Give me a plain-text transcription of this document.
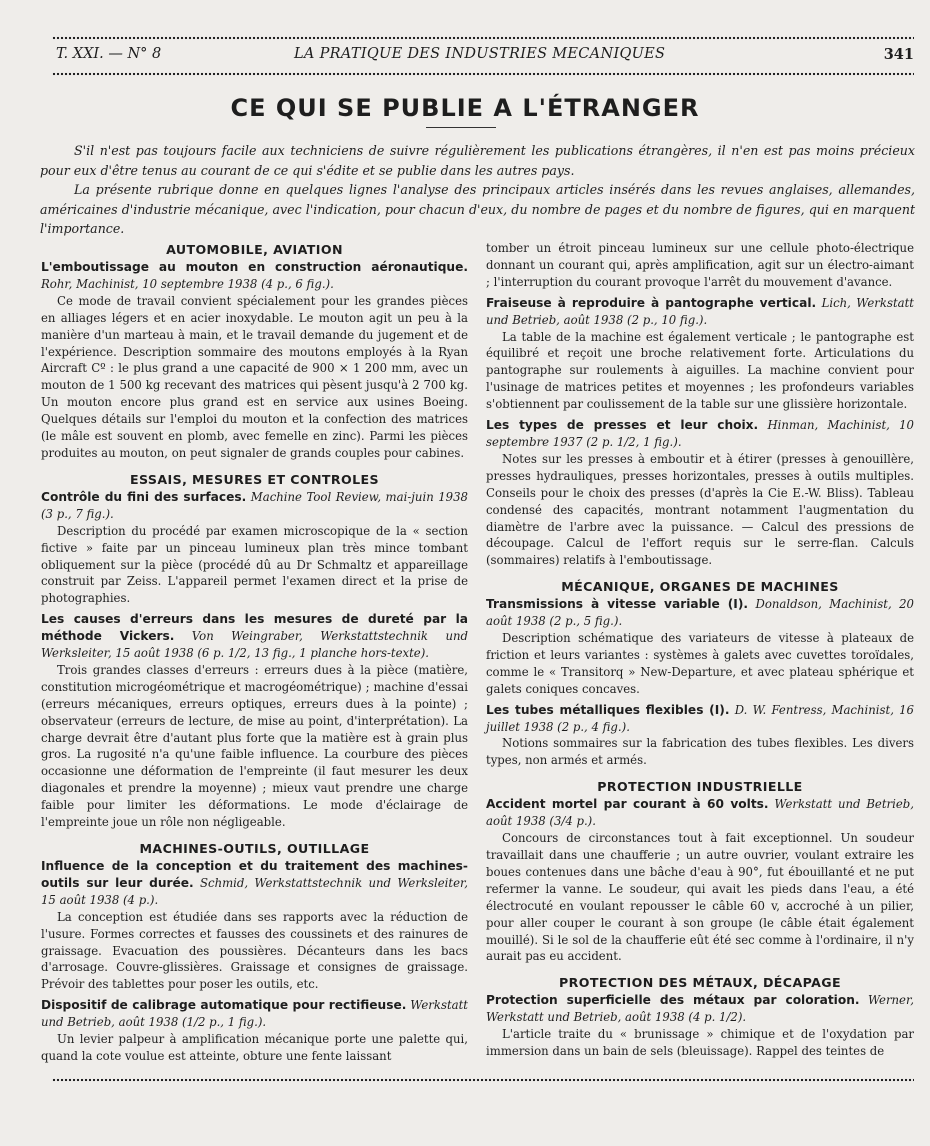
T. XXI. — N° 8	LA PRATIQUE DES INDUSTRIES MECANIQUES	341
CE QUI SE PUBLIE A L'ÉTRANGER

S'il n'est pas toujours facile aux techniciens de suivre régulièrement les publications étrangères, il n'en est pas moins précieux pour eux d'être tenus au courant de ce qui s'édite et se publie dans les autres pays.

La présente rubrique donne en quelques lignes l'analyse des principaux articles insérés dans les revues anglaises, allemandes, américaines d'industrie mécanique, avec l'indication, pour chacun d'eux, du nombre de pages et du nombre de figures, qui en marquent l'importance.

AUTOMOBILE, AVIATION

L'emboutissage au mouton en construction aéronautique. Rohr, Machinist, 10 septembre 1938 (4 p., 6 fig.).

Ce mode de travail convient spécialement pour les grandes pièces en alliages légers et en acier inoxydable. Le mouton agit un peu à la manière d'un marteau à main, et le travail demande du jugement et de l'expérience. Description sommaire des moutons employés à la Ryan Aircraft Cº : le plus grand a une capacité de 900 × 1 200 mm, avec un mouton de 1 500 kg recevant des matrices qui pèsent jusqu'à 2 700 kg. Un mouton encore plus grand est en service aux usines Boeing. Quelques détails sur l'emploi du mouton et la confection des matrices (le mâle est souvent en plomb, avec femelle en zinc). Parmi les pièces produites au mouton, on peut signaler de grands couples pour cabines.

ESSAIS, MESURES ET CONTROLES

Contrôle du fini des surfaces. Machine Tool Review, mai-juin 1938 (3 p., 7 fig.).

Description du procédé par examen microscopique de la « section fictive » faite par un pinceau lumineux plan très mince tombant obliquement sur la pièce (procédé dû au Dr Schmaltz et appareillage construit par Zeiss. L'appareil permet l'examen direct et la prise de photographies.

Les causes d'erreurs dans les mesures de dureté par la méthode Vickers. Von Weingraber, Werkstattstechnik und Werksleiter, 15 août 1938 (6 p. 1/2, 13 fig., 1 planche hors-texte).

Trois grandes classes d'erreurs : erreurs dues à la pièce (matière, constitution microgéométrique et macrogéométrique) ; machine d'essai (erreurs mécaniques, erreurs optiques, erreurs dues à la pointe) ; observateur (erreurs de lecture, de mise au point, d'interprétation). La charge devrait être d'autant plus forte que la matière est à grain plus gros. La rugosité n'a qu'une faible influence. La courbure des pièces occasionne une déformation de l'empreinte (il faut mesurer les deux diagonales et prendre la moyenne) ; mieux vaut prendre une charge faible pour limiter les déformations. Le mode d'éclairage de l'empreinte joue un rôle non négligeable.

MACHINES-OUTILS, OUTILLAGE

Influence de la conception et du traitement des machines-outils sur leur durée. Schmid, Werkstattstechnik und Werksleiter, 15 août 1938 (4 p.).

La conception est étudiée dans ses rapports avec la réduction de l'usure. Formes correctes et fausses des coussinets et des rainures de graissage. Evacuation des poussières. Décanteurs dans les bacs d'arrosage. Couvre-glissières. Graissage et consignes de graissage. Prévoir des tablettes pour poser les outils, etc.

Dispositif de calibrage automatique pour rectifieuse. Werkstatt und Betrieb, août 1938 (1/2 p., 1 fig.).

Un levier palpeur à amplification mécanique porte une palette qui, quand la cote voulue est atteinte, obture une fente laissant

tomber un étroit pinceau lumineux sur une cellule photo-électrique donnant un courant qui, après amplification, agit sur un électro-aimant ; l'interruption du courant provoque l'arrêt du mouvement d'avance.

Fraiseuse à reproduire à pantographe vertical. Lich, Werkstatt und Betrieb, août 1938 (2 p., 10 fig.).

La table de la machine est également verticale ; le pantographe est équilibré et reçoit une broche relativement forte. Articulations du pantographe sur roulements à aiguilles. La machine convient pour l'usinage de matrices petites et moyennes ; les profondeurs variables s'obtiennent par coulissement de la table sur une glissière horizontale.

Les types de presses et leur choix. Hinman, Machinist, 10 septembre 1937 (2 p. 1/2, 1 fig.).

Notes sur les presses à emboutir et à étirer (presses à genouillère, presses hydrauliques, presses horizontales, presses à outils multiples. Conseils pour le choix des presses (d'après la Cie E.-W. Bliss). Tableau condensé des capacités, montrant notamment l'augmentation du diamètre de l'arbre avec la puissance. — Calcul des pressions de découpage. Calcul de l'effort requis sur le serre-flan. Calculs (sommaires) relatifs à l'emboutissage.

MÉCANIQUE, ORGANES DE MACHINES

Transmissions à vitesse variable (I). Donaldson, Machinist, 20 août 1938 (2 p., 5 fig.).

Description schématique des variateurs de vitesse à plateaux de friction et leurs variantes : systèmes à galets avec cuvettes toroïdales, comme le « Transitorq » New-Departure, et avec plateau sphérique et galets coniques concaves.

Les tubes métalliques flexibles (I). D. W. Fentress, Machinist, 16 juillet 1938 (2 p., 4 fig.).

Notions sommaires sur la fabrication des tubes flexibles. Les divers types, non armés et armés.

PROTECTION INDUSTRIELLE

Accident mortel par courant à 60 volts. Werkstatt und Betrieb, août 1938 (3/4 p.).

Concours de circonstances tout à fait exceptionnel. Un soudeur travaillait dans une chaufferie ; un autre ouvrier, voulant extraire les boues contenues dans une bâche d'eau à 90°, fut ébouillanté et ne put refermer la vanne. Le soudeur, qui avait les pieds dans l'eau, a été électrocuté en voulant repousser le câble 60 v, accroché à un pilier, pour aller couper le courant à son groupe (le câble était également mouillé). Si le sol de la chaufferie eût été sec comme à l'ordinaire, il n'y aurait pas eu accident.

PROTECTION DES MÉTAUX, DÉCAPAGE

Protection superficielle des métaux par coloration. Werner, Werkstatt und Betrieb, août 1938 (4 p. 1/2).

L'article traite du « brunissage » chimique et de l'oxydation par immersion dans un bain de sels (bleuissage). Rappel des teintes de
